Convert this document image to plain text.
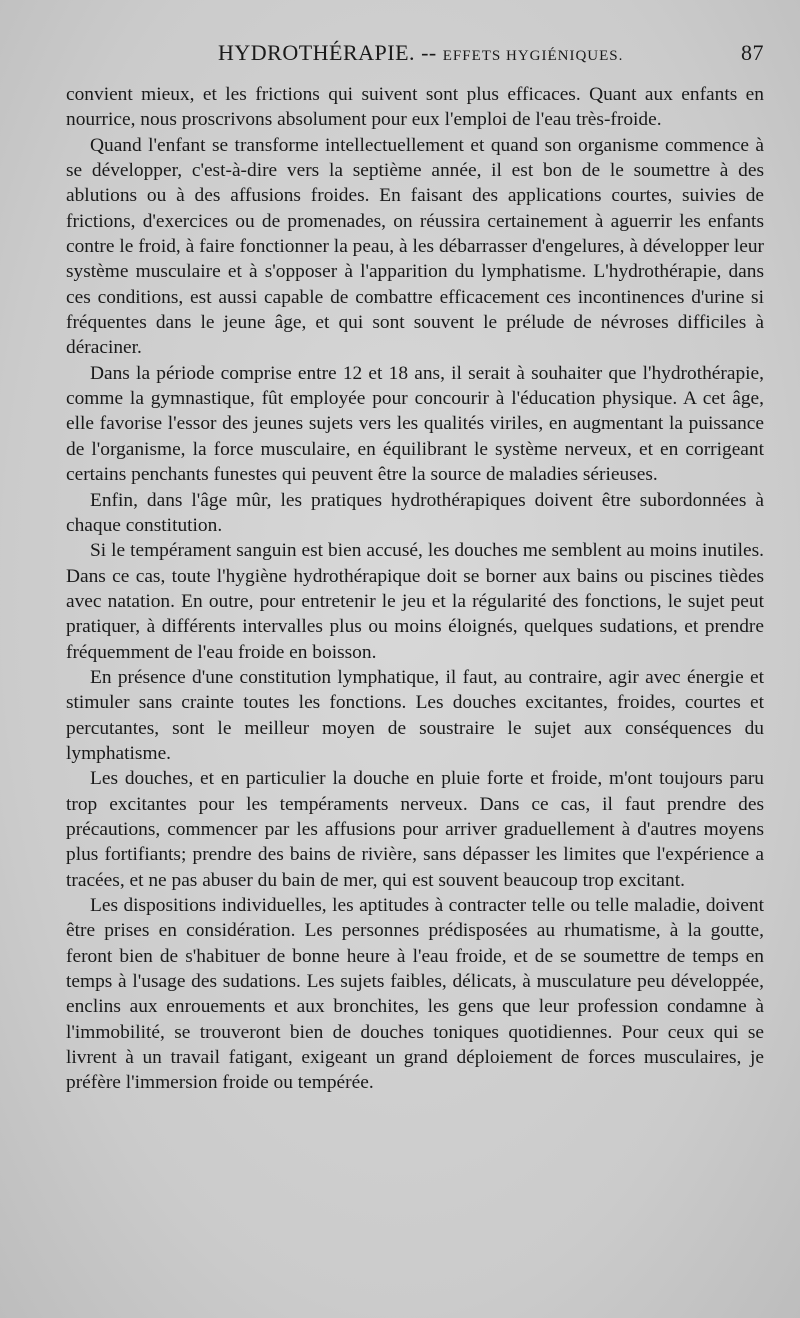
HYDROTHÉRAPIE. -- EFFETS HYGIÉNIQUES.	87

convient mieux, et les frictions qui suivent sont plus efficaces. Quant aux enfants en nourrice, nous proscrivons absolument pour eux l'emploi de l'eau très-froide.

Quand l'enfant se transforme intellectuellement et quand son organisme commence à se développer, c'est-à-dire vers la septième année, il est bon de le soumettre à des ablutions ou à des affusions froides. En faisant des applications courtes, suivies de frictions, d'exercices ou de promenades, on réussira certainement à aguerrir les enfants contre le froid, à faire fonctionner la peau, à les débarrasser d'engelures, à développer leur système musculaire et à s'opposer à l'apparition du lymphatisme. L'hydrothérapie, dans ces conditions, est aussi capable de combattre efficacement ces incontinences d'urine si fréquentes dans le jeune âge, et qui sont souvent le prélude de névroses difficiles à déraciner.

Dans la période comprise entre 12 et 18 ans, il serait à souhaiter que l'hydrothérapie, comme la gymnastique, fût employée pour concourir à l'éducation physique. A cet âge, elle favorise l'essor des jeunes sujets vers les qualités viriles, en augmentant la puissance de l'organisme, la force musculaire, en équilibrant le système nerveux, et en corrigeant certains penchants funestes qui peuvent être la source de maladies sérieuses.

Enfin, dans l'âge mûr, les pratiques hydrothérapiques doivent être subordonnées à chaque constitution.

Si le tempérament sanguin est bien accusé, les douches me semblent au moins inutiles. Dans ce cas, toute l'hygiène hydrothérapique doit se borner aux bains ou piscines tièdes avec natation. En outre, pour entretenir le jeu et la régularité des fonctions, le sujet peut pratiquer, à différents intervalles plus ou moins éloignés, quelques sudations, et prendre fréquemment de l'eau froide en boisson.

En présence d'une constitution lymphatique, il faut, au contraire, agir avec énergie et stimuler sans crainte toutes les fonctions. Les douches excitantes, froides, courtes et percutantes, sont le meilleur moyen de soustraire le sujet aux conséquences du lymphatisme.

Les douches, et en particulier la douche en pluie forte et froide, m'ont toujours paru trop excitantes pour les tempéraments nerveux. Dans ce cas, il faut prendre des précautions, commencer par les affusions pour arriver graduellement à d'autres moyens plus fortifiants; prendre des bains de rivière, sans dépasser les limites que l'expérience a tracées, et ne pas abuser du bain de mer, qui est souvent beaucoup trop excitant.

Les dispositions individuelles, les aptitudes à contracter telle ou telle maladie, doivent être prises en considération. Les personnes prédisposées au rhumatisme, à la goutte, feront bien de s'habituer de bonne heure à l'eau froide, et de se soumettre de temps en temps à l'usage des sudations. Les sujets faibles, délicats, à musculature peu développée, enclins aux enrouements et aux bronchites, les gens que leur profession condamne à l'immobilité, se trouveront bien de douches toniques quotidiennes. Pour ceux qui se livrent à un travail fatigant, exigeant un grand déploiement de forces musculaires, je préfère l'immersion froide ou tempérée.
